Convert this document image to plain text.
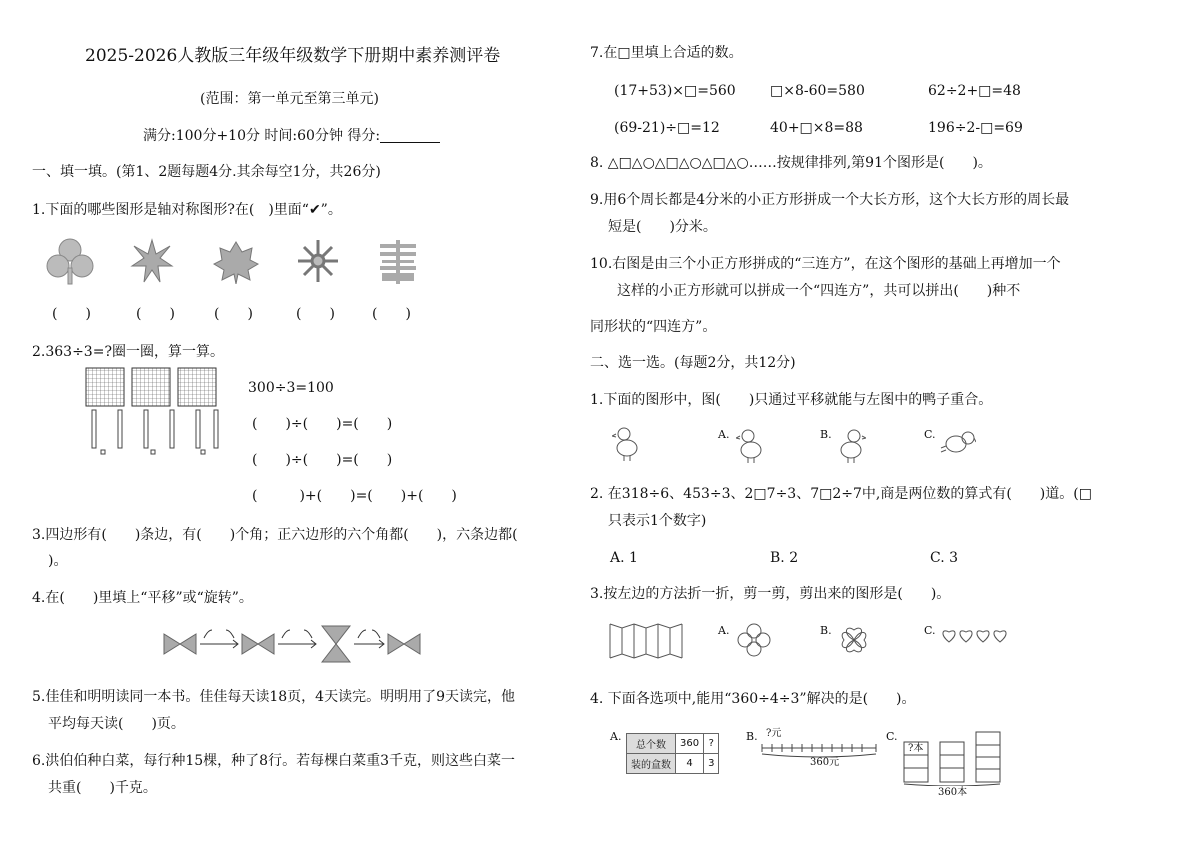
2025-2026人教版三年级年级数学下册期中素养测评卷
(范围：第一单元至第三单元)
满分:100分+10分 时间:60分钟 得分:
一、填一填。(第1、2题每题4分.其余每空1分，共26分)
1.下面的哪些图形是轴对称图形?在(　)里面“✔”。
(　　)	(　　)	(　　)	(　　)	(　　)
2.363÷3=?圈一圈，算一算。
300÷3=100
(　　)÷(　　)=(　　)
(　　)÷(　　)=(　　)
(　　　)+(　　)=(　　)+(　　)
3.四边形有(　　)条边，有(　　)个角；正六边形的六个角都(　　)，六条边都(
)。
4.在(　　)里填上“平移”或“旋转”。
5.佳佳和明明读同一本书。佳佳每天读18页，4天读完。明明用了9天读完，他
平均每天读(　　)页。
6.洪伯伯种白菜，每行种15棵，种了8行。若每棵白菜重3千克，则这些白菜一
共重(　　)千克。
7.在□里填上合适的数。
(17+53)×□=560 □×8-60=580	62÷2+□=48
(69-21)÷□=12	40+□×8=88	196÷2-□=69
8. △□△○△□△○△□△○……按规律排列,第91个图形是(　　)。
9.用6个周长都是4分米的小正方形拼成一个大长方形，这个大长方形的周长最
短是(　　)分米。
10.右图是由三个小正方形拼成的“三连方”，在这个图形的基础上再增加一个
这样的小正方形就可以拼成一个“四连方”，共可以拼出(　　)种不
同形状的“四连方”。
二、选一选。(每题2分，共12分)
1.下面的图形中，图(　　)只通过平移就能与左图中的鸭子重合。
A.	B.	C.
2. 在318÷6、453÷3、2□7÷3、7□2÷7中,商是两位数的算式有(　　)道。(□
只表示1个数字)
A. 1	B. 2	C. 3
3.按左边的方法折一折，剪一剪，剪出来的图形是(　　)。
A.	B.	C.
4. 下面各选项中,能用“360÷4÷3”解决的是(　　)。
A.
总个数	360	?
装的盒数	4	3
B. ?元
360元
C.
?本
360本
